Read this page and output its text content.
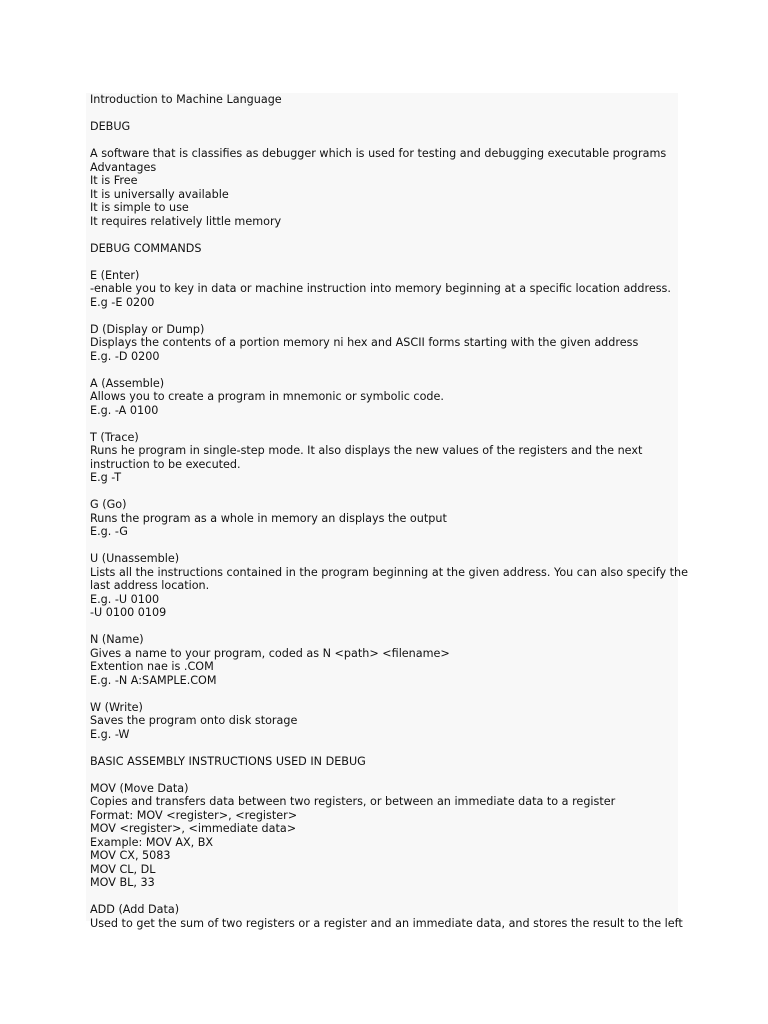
Introduction to Machine Language
DEBUG
A software that is classifies as debugger which is used for testing and debugging executable programs
Advantages
It is Free
It is universally available
It is simple to use
It requires relatively little memory
DEBUG COMMANDS
E (Enter)
-enable you to key in data or machine instruction into memory beginning at a specific location address.
E.g -E 0200
D (Display or Dump)
Displays the contents of a portion memory ni hex and ASCII forms starting with the given address
E.g. -D 0200
A (Assemble)
Allows you to create a program in mnemonic or symbolic code.
E.g. -A 0100
T (Trace)
Runs he program in single-step mode. It also displays the new values of the registers and the next
instruction to be executed.
E.g -T
G (Go)
Runs the program as a whole in memory an displays the output
E.g. -G
U (Unassemble)
Lists all the instructions contained in the program beginning at the given address. You can also specify the
last address location.
E.g. -U 0100
-U 0100 0109
N (Name)
Gives a name to your program, coded as N <path> <filename>
Extention nae is .COM
E.g. -N A:SAMPLE.COM
W (Write)
Saves the program onto disk storage
E.g. -W
BASIC ASSEMBLY INSTRUCTIONS USED IN DEBUG
MOV (Move Data)
Copies and transfers data between two registers, or between an immediate data to a register
Format: MOV <register>, <register>
MOV <register>, <immediate data>
Example: MOV AX, BX
MOV CX, 5083
MOV CL, DL
MOV BL, 33
ADD (Add Data)
Used to get the sum of two registers or a register and an immediate data, and stores the result to the left
